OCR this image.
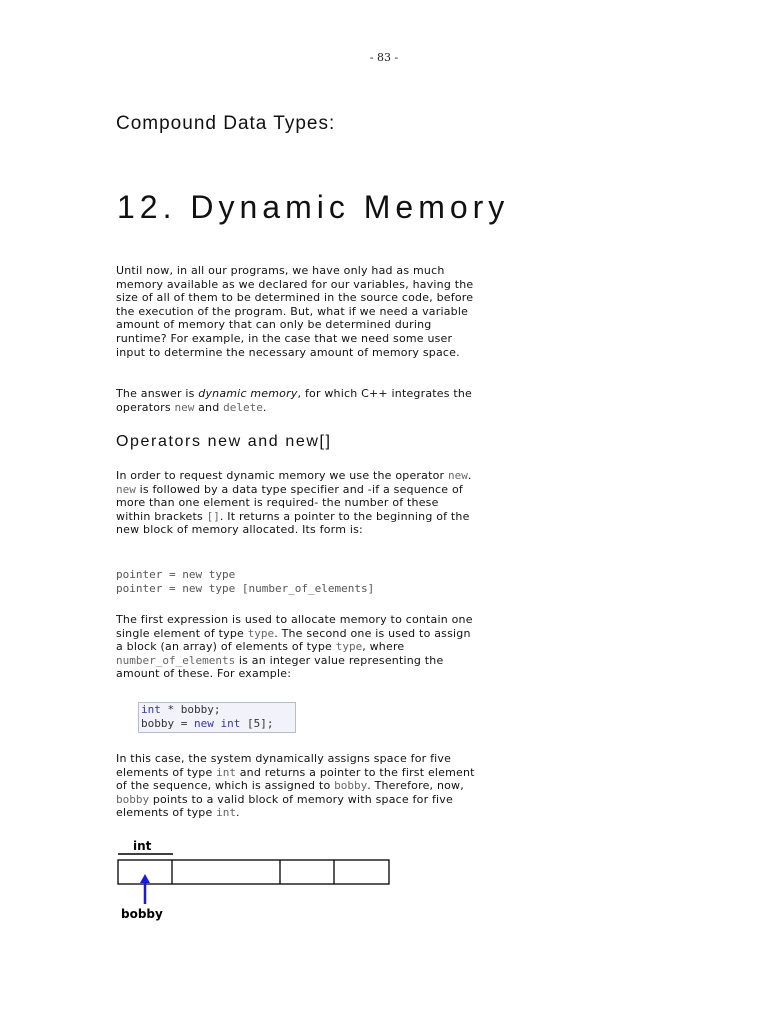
- 83 -
Compound Data Types:
12. Dynamic Memory

Until now, in all our programs, we have only had as much memory available as we declared for our variables, having the size of all of them to be determined in the source code, before the execution of the program. But, what if we need a variable amount of memory that can only be determined during runtime? For example, in the case that we need some user input to determine the necessary amount of memory space.

The answer is dynamic memory, for which C++ integrates the operators new and delete.

Operators new and new[]

In order to request dynamic memory we use the operator new. new is followed by a data type specifier and -if a sequence of more than one element is required- the number of these within brackets []. It returns a pointer to the beginning of the new block of memory allocated. Its form is:

pointer = new type
pointer = new type [number_of_elements]

The first expression is used to allocate memory to contain one single element of type type. The second one is used to assign a block (an array) of elements of type type, where number_of_elements is an integer value representing the amount of these. For example:

int * bobby;
bobby = new int [5];

In this case, the system dynamically assigns space for five elements of type int and returns a pointer to the first element of the sequence, which is assigned to bobby. Therefore, now, bobby points to a valid block of memory with space for five elements of type int.

int
bobby
